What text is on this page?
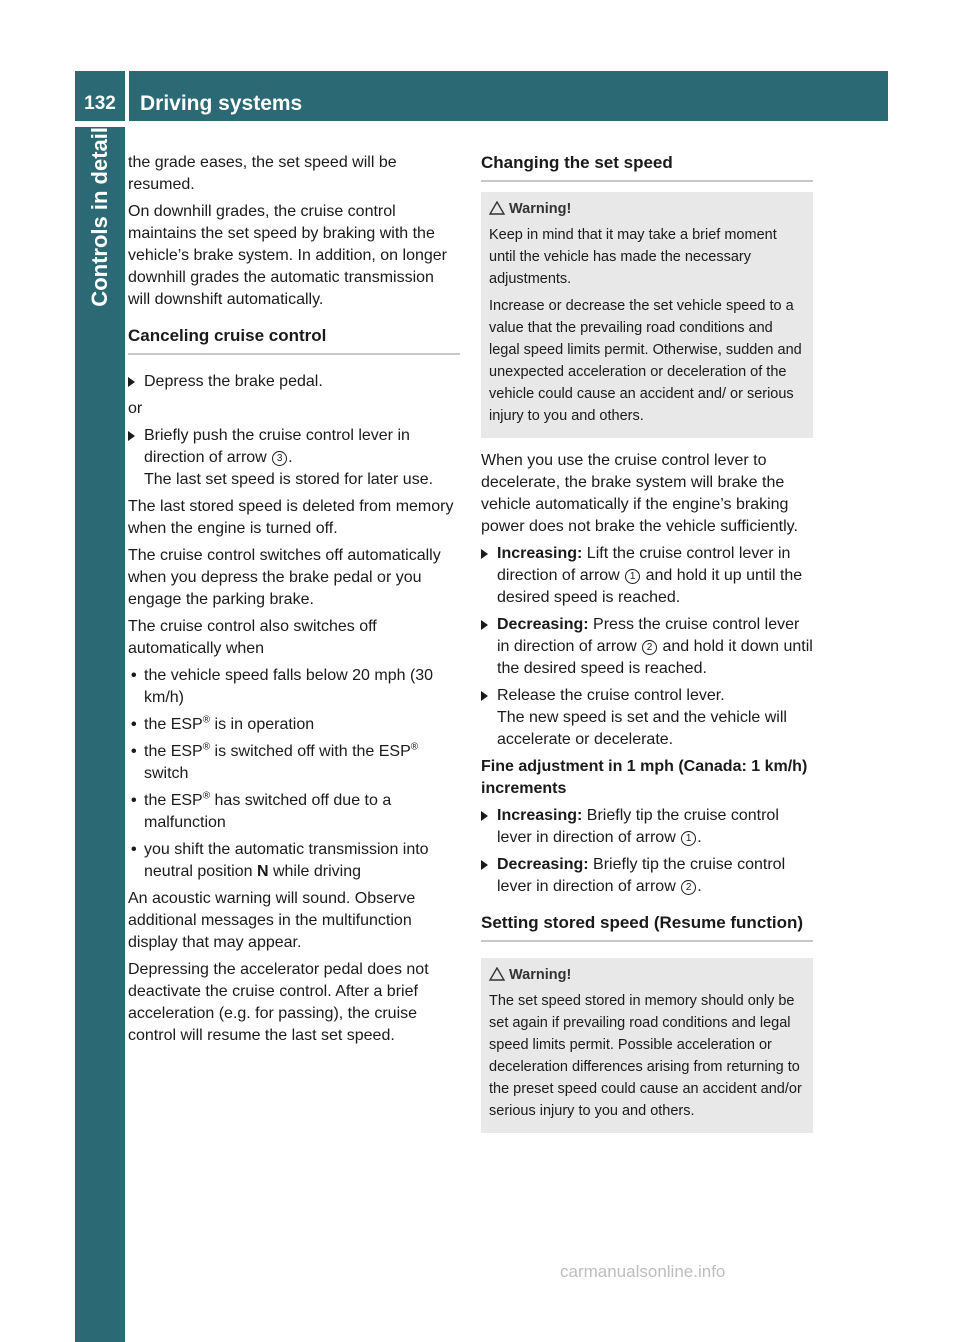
132	Driving systems
Controls in detail the grade eases, the set speed will be resumed.

On downhill grades, the cruise control maintains the set speed by braking with the vehicle’s brake system. In addition, on longer downhill grades the automatic transmission will downshift automatically.

Canceling cruise control
Depress the brake pedal.

or

Briefly push the cruise control lever in direction of arrow 3 .
The last set speed is stored for later use.

The last stored speed is deleted from memory when the engine is turned off.

The cruise control switches off automatically when you depress the brake pedal or you engage the parking brake.

The cruise control also switches off automatically when

• the vehicle speed falls below 20 mph (30 km/h)
• the ESP® is in operation
• the ESP® is switched off with the ESP® switch
• the ESP® has switched off due to a malfunction
• you shift the automatic transmission into neutral position N while driving

An acoustic warning will sound. Observe additional messages in the multifunction display that may appear.

Depressing the accelerator pedal does not deactivate the cruise control. After a brief acceleration (e.g. for passing), the cruise control will resume the last set speed.

Changing the set speed

Warning!

Keep in mind that it may take a brief moment until the vehicle has made the necessary adjustments.

Increase or decrease the set vehicle speed to a value that the prevailing road conditions and legal speed limits permit. Otherwise, sudden and unexpected acceleration or deceleration of the vehicle could cause an accident and/ or serious injury to you and others.

When you use the cruise control lever to decelerate, the brake system will brake the vehicle automatically if the engine’s braking power does not brake the vehicle sufficiently.

Increasing: Lift the cruise control lever in direction of arrow 1 and hold it up until the desired speed is reached.
Decreasing: Press the cruise control lever in direction of arrow 2 and hold it down until the desired speed is reached.
Release the cruise control lever.
The new speed is set and the vehicle will accelerate or decelerate.

Fine adjustment in 1 mph (Canada: 1 km/h) increments

Increasing: Briefly tip the cruise control lever in direction of arrow 1 .
Decreasing: Briefly tip the cruise control lever in direction of arrow 2 .
Setting stored speed (Resume function)

Warning!

The set speed stored in memory should only be set again if prevailing road conditions and legal speed limits permit. Possible acceleration or deceleration differences arising from returning to the preset speed could cause an accident and/or serious injury to you and others.

carmanualsonline.info
